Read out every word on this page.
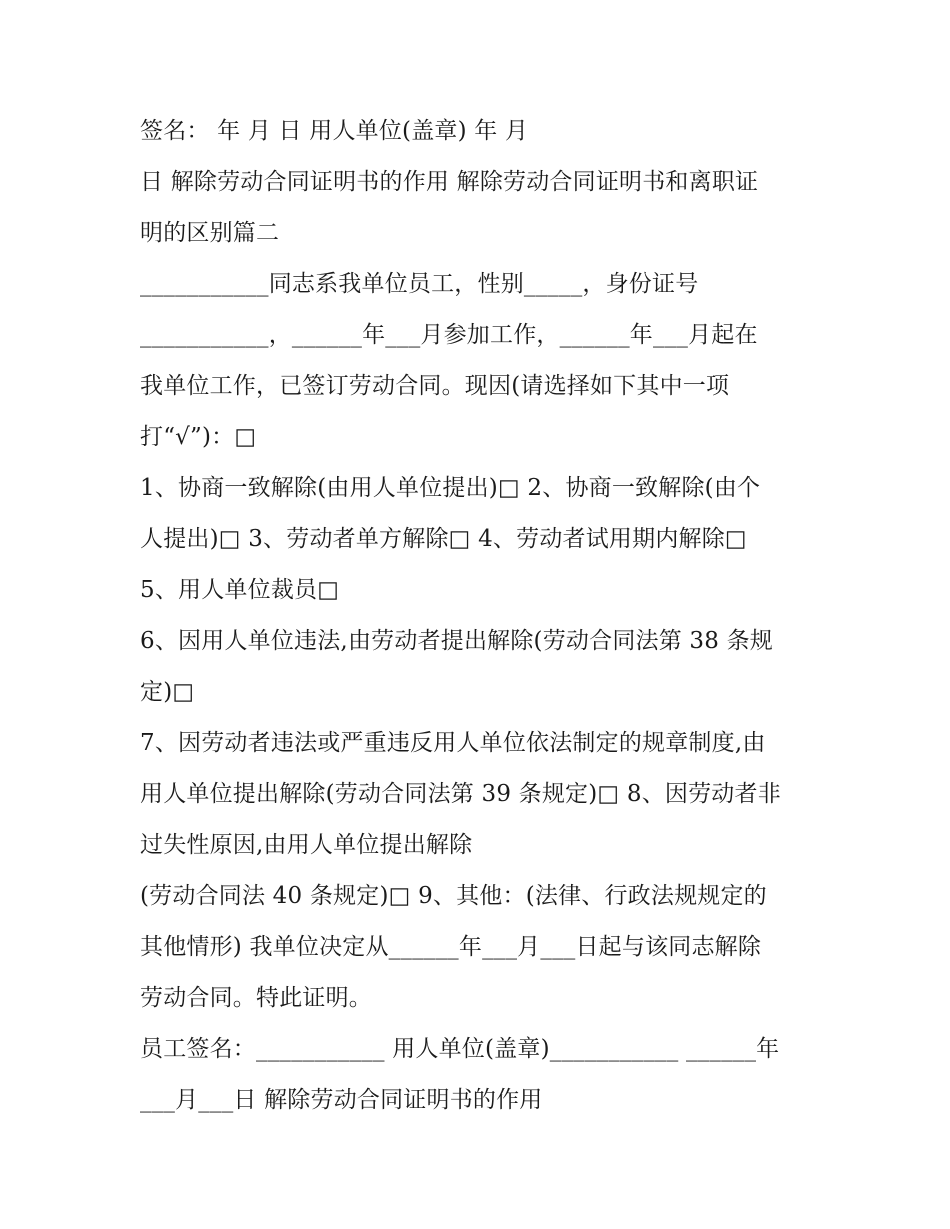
签名： 年 月 日 用人单位(盖章) 年 月
日 解除劳动合同证明书的作用 解除劳动合同证明书和离职证
明的区别篇二
___________同志系我单位员工，性别_____，身份证号
___________，______年___月参加工作，______年___月起在
我单位工作，已签订劳动合同。现因(请选择如下其中一项
打“√”)：□
1、协商一致解除(由用人单位提出)□ 2、协商一致解除(由个
人提出)□ 3、劳动者单方解除□ 4、劳动者试用期内解除□
5、用人单位裁员□
6、因用人单位违法,由劳动者提出解除(劳动合同法第 38 条规
定)□
7、因劳动者违法或严重违反用人单位依法制定的规章制度,由
用人单位提出解除(劳动合同法第 39 条规定)□ 8、因劳动者非
过失性原因,由用人单位提出解除
(劳动合同法 40 条规定)□ 9、其他：(法律、行政法规规定的
其他情形) 我单位决定从______年___月___日起与该同志解除
劳动合同。特此证明。
员工签名：___________ 用人单位(盖章)___________ ______年
___月___日 解除劳动合同证明书的作用
